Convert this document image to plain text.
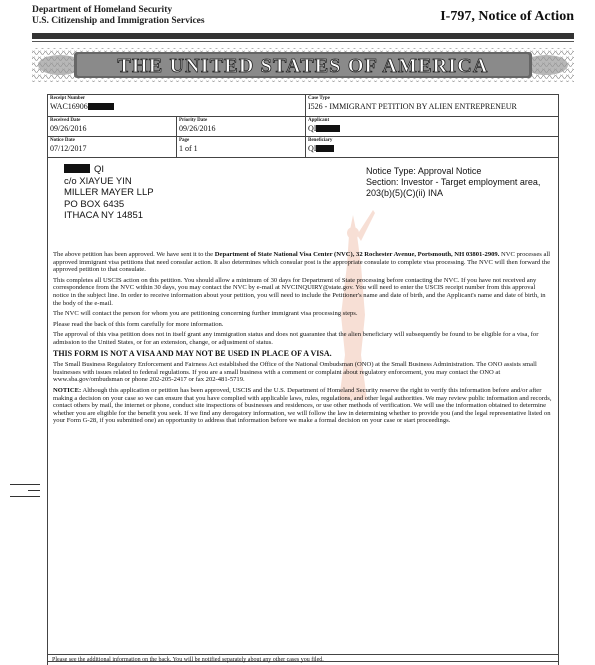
Department of Homeland Security
U.S. Citizenship and Immigration Services	I-797, Notice of Action
THE UNITED STATES OF AMERICA
Receipt Number
WAC16906
Case Type
I526 - IMMIGRANT PETITION BY ALIEN ENTREPRENEUR
Received Date
09/26/2016
Priority Date
09/26/2016
Applicant
QI
Notice Date
07/12/2017
Page
1 of 1
Beneficiary
QI
QI
c/o XIAYUE YIN
MILLER MAYER LLP
PO BOX 6435
ITHACA NY 14851
Notice Type: Approval Notice
Section: Investor - Target employment area,
203(b)(5)(C)(ii) INA

The above petition has been approved. We have sent it to the Department of State National Visa Center (NVC), 32 Rochester Avenue, Portsmouth, NH 03801-2909. NVC processes all approved immigrant visa petitions that need consular action. It also determines which consular post is the appropriate consulate to complete visa processing. The NVC will then forward the approved petition to that consulate.

This completes all USCIS action on this petition. You should allow a minimum of 30 days for Department of State processing before contacting the NVC. If you have not received any correspondence from the NVC within 30 days, you may contact the NVC by e-mail at NVCINQUIRY@state.gov. You will need to enter the USCIS receipt number from this approval notice in the subject line. In order to receive information about your petition, you will need to include the Petitioner's name and date of birth, and the Applicant's name and date of birth, in the body of the e-mail.

The NVC will contact the person for whom you are petitioning concerning further immigrant visa processing steps.

Please read the back of this form carefully for more information.

The approval of this visa petition does not in itself grant any immigration status and does not guarantee that the alien beneficiary will subsequently be found to be eligible for a visa, for admission to the United States, or for an extension, change, or adjustment of status.

THIS FORM IS NOT A VISA AND MAY NOT BE USED IN PLACE OF A VISA.

The Small Business Regulatory Enforcement and Fairness Act established the Office of the National Ombudsman (ONO) at the Small Business Administration. The ONO assists small businesses with issues related to federal regulations. If you are a small business with a comment or complaint about regulatory enforcement, you may contact the ONO at www.sba.gov/ombudsman or phone 202-205-2417 or fax 202-481-5719.

NOTICE: Although this application or petition has been approved, USCIS and the U.S. Department of Homeland Security reserve the right to verify this information before and/or after making a decision on your case so we can ensure that you have complied with applicable laws, rules, regulations, and other legal authorities. We may review public information and records, contact others by mail, the internet or phone, conduct site inspections of businesses and residences, or use other methods of verification. We will use the information obtained to determine whether you are eligible for the benefit you seek. If we find any derogatory information, we will follow the law in determining whether to provide you (and the legal representative listed on your Form G-28, if you submitted one) an opportunity to address that information before we make a formal decision on your case or start proceedings.

Please see the additional information on the back. You will be notified separately about any other cases you filed.
